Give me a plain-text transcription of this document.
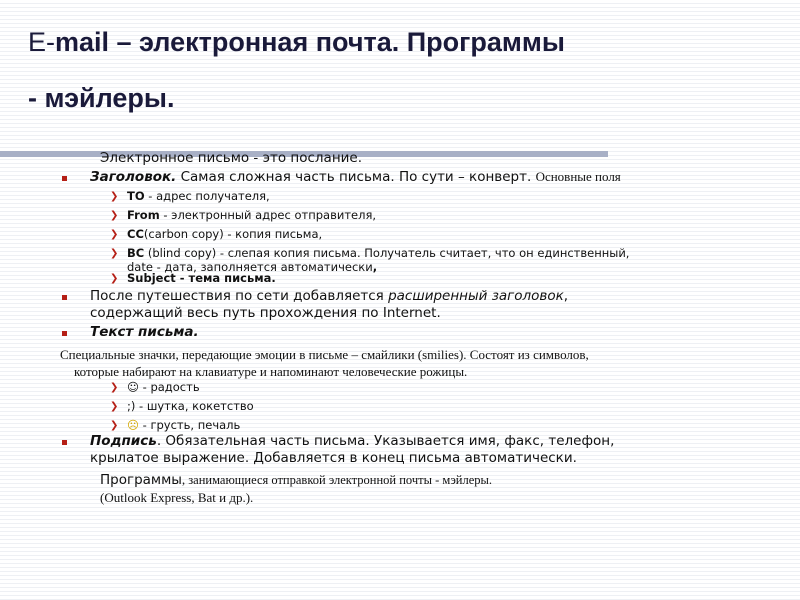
E-mail – электронная почта. Программы
- мэйлеры.
Электронное письмо - это послание.
Заголовок. Самая сложная часть письма. По сути – конверт. Основные поля
❯ TO - адрес получателя,
❯ From - электронный адрес отправителя,
❯ CC(carbon copy) - копия письма,
❯ BC (blind copy) - слепая копия письма. Получатель считает, что он единственный,
date - дата, заполняется автоматически,
❯ Subject - тема письма.
После путешествия по сети добавляется расширенный заголовок,
содержащий весь путь прохождения по Internet.
Текст письма.
Специальные значки, передающие эмоции в письме – смайлики (smilies). Состоят из символов,
которые набирают на клавиатуре и напоминают человеческие рожицы.
❯ ☺ - радость
❯ ;) - шутка, кокетство
❯ ☹ - грусть, печаль
Подпись. Обязательная часть письма. Указывается имя, факс, телефон,
крылатое выражение. Добавляется в конец письма автоматически.
Программы, занимающиеся отправкой электронной почты - мэйлеры.
(Outlook Express, Bat и др.).
